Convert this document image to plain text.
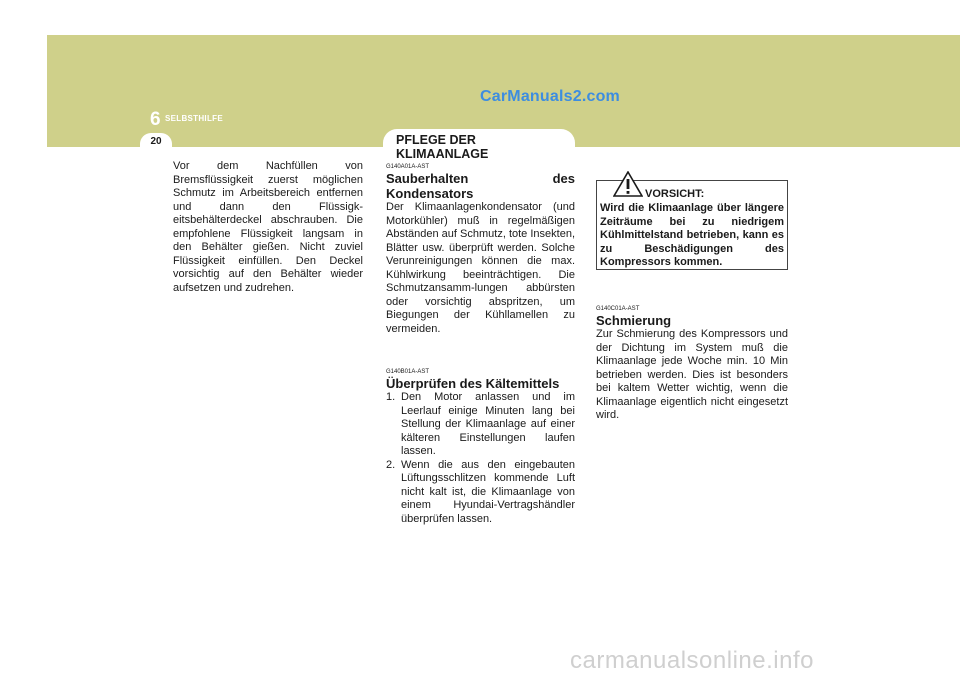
CarManuals2.com
6 SELBSTHILFE
20	PFLEGE DER KLIMAANLAGE

Vor dem Nachfüllen von Bremsflüssigkeit zuerst möglichen Schmutz im Arbeitsbereich entfernen und dann den Flüssigk-eitsbehälterdeckel abschrauben. Die empfohlene Flüssigkeit langsam in den Behälter gießen. Nicht zuviel Flüssigkeit einfüllen. Den Deckel vorsichtig auf den Behälter wieder aufsetzen und zudrehen.

G140A01A-AST

Sauberhalten des Kondensators

Der Klimaanlagenkondensator (und Motorkühler) muß in regelmäßigen Abständen auf Schmutz, tote Insekten, Blätter usw. überprüft werden. Solche Verunreinigungen können die max. Kühlwirkung beeinträchtigen. Die Schmutzansamm-lungen abbürsten oder vorsichtig abspritzen, um Biegungen der Kühllamellen zu vermeiden.

G140B01A-AST

Überprüfen des Kältemittels

1. Den Motor anlassen und im Leerlauf einige Minuten lang bei Stellung der Klimaanlage auf einer kälteren Einstellungen laufen lassen.
2. Wenn die aus den eingebauten Lüftungsschlitzen kommende Luft nicht kalt ist, die Klimaanlage von einem Hyundai-Vertragshändler überprüfen lassen.
VORSICHT:
Wird die Klimaanlage über längere Zeiträume bei zu niedrigem Kühlmittelstand betrieben, kann es zu Beschädigungen des Kompressors kommen.

G140C01A-AST

Schmierung

Zur Schmierung des Kompressors und der Dichtung im System muß die Klimaanlage jede Woche min. 10 Min betrieben werden. Dies ist besonders bei kaltem Wetter wichtig, wenn die Klimaanlage eigentlich nicht eingesetzt wird.

carmanualsonline.info
